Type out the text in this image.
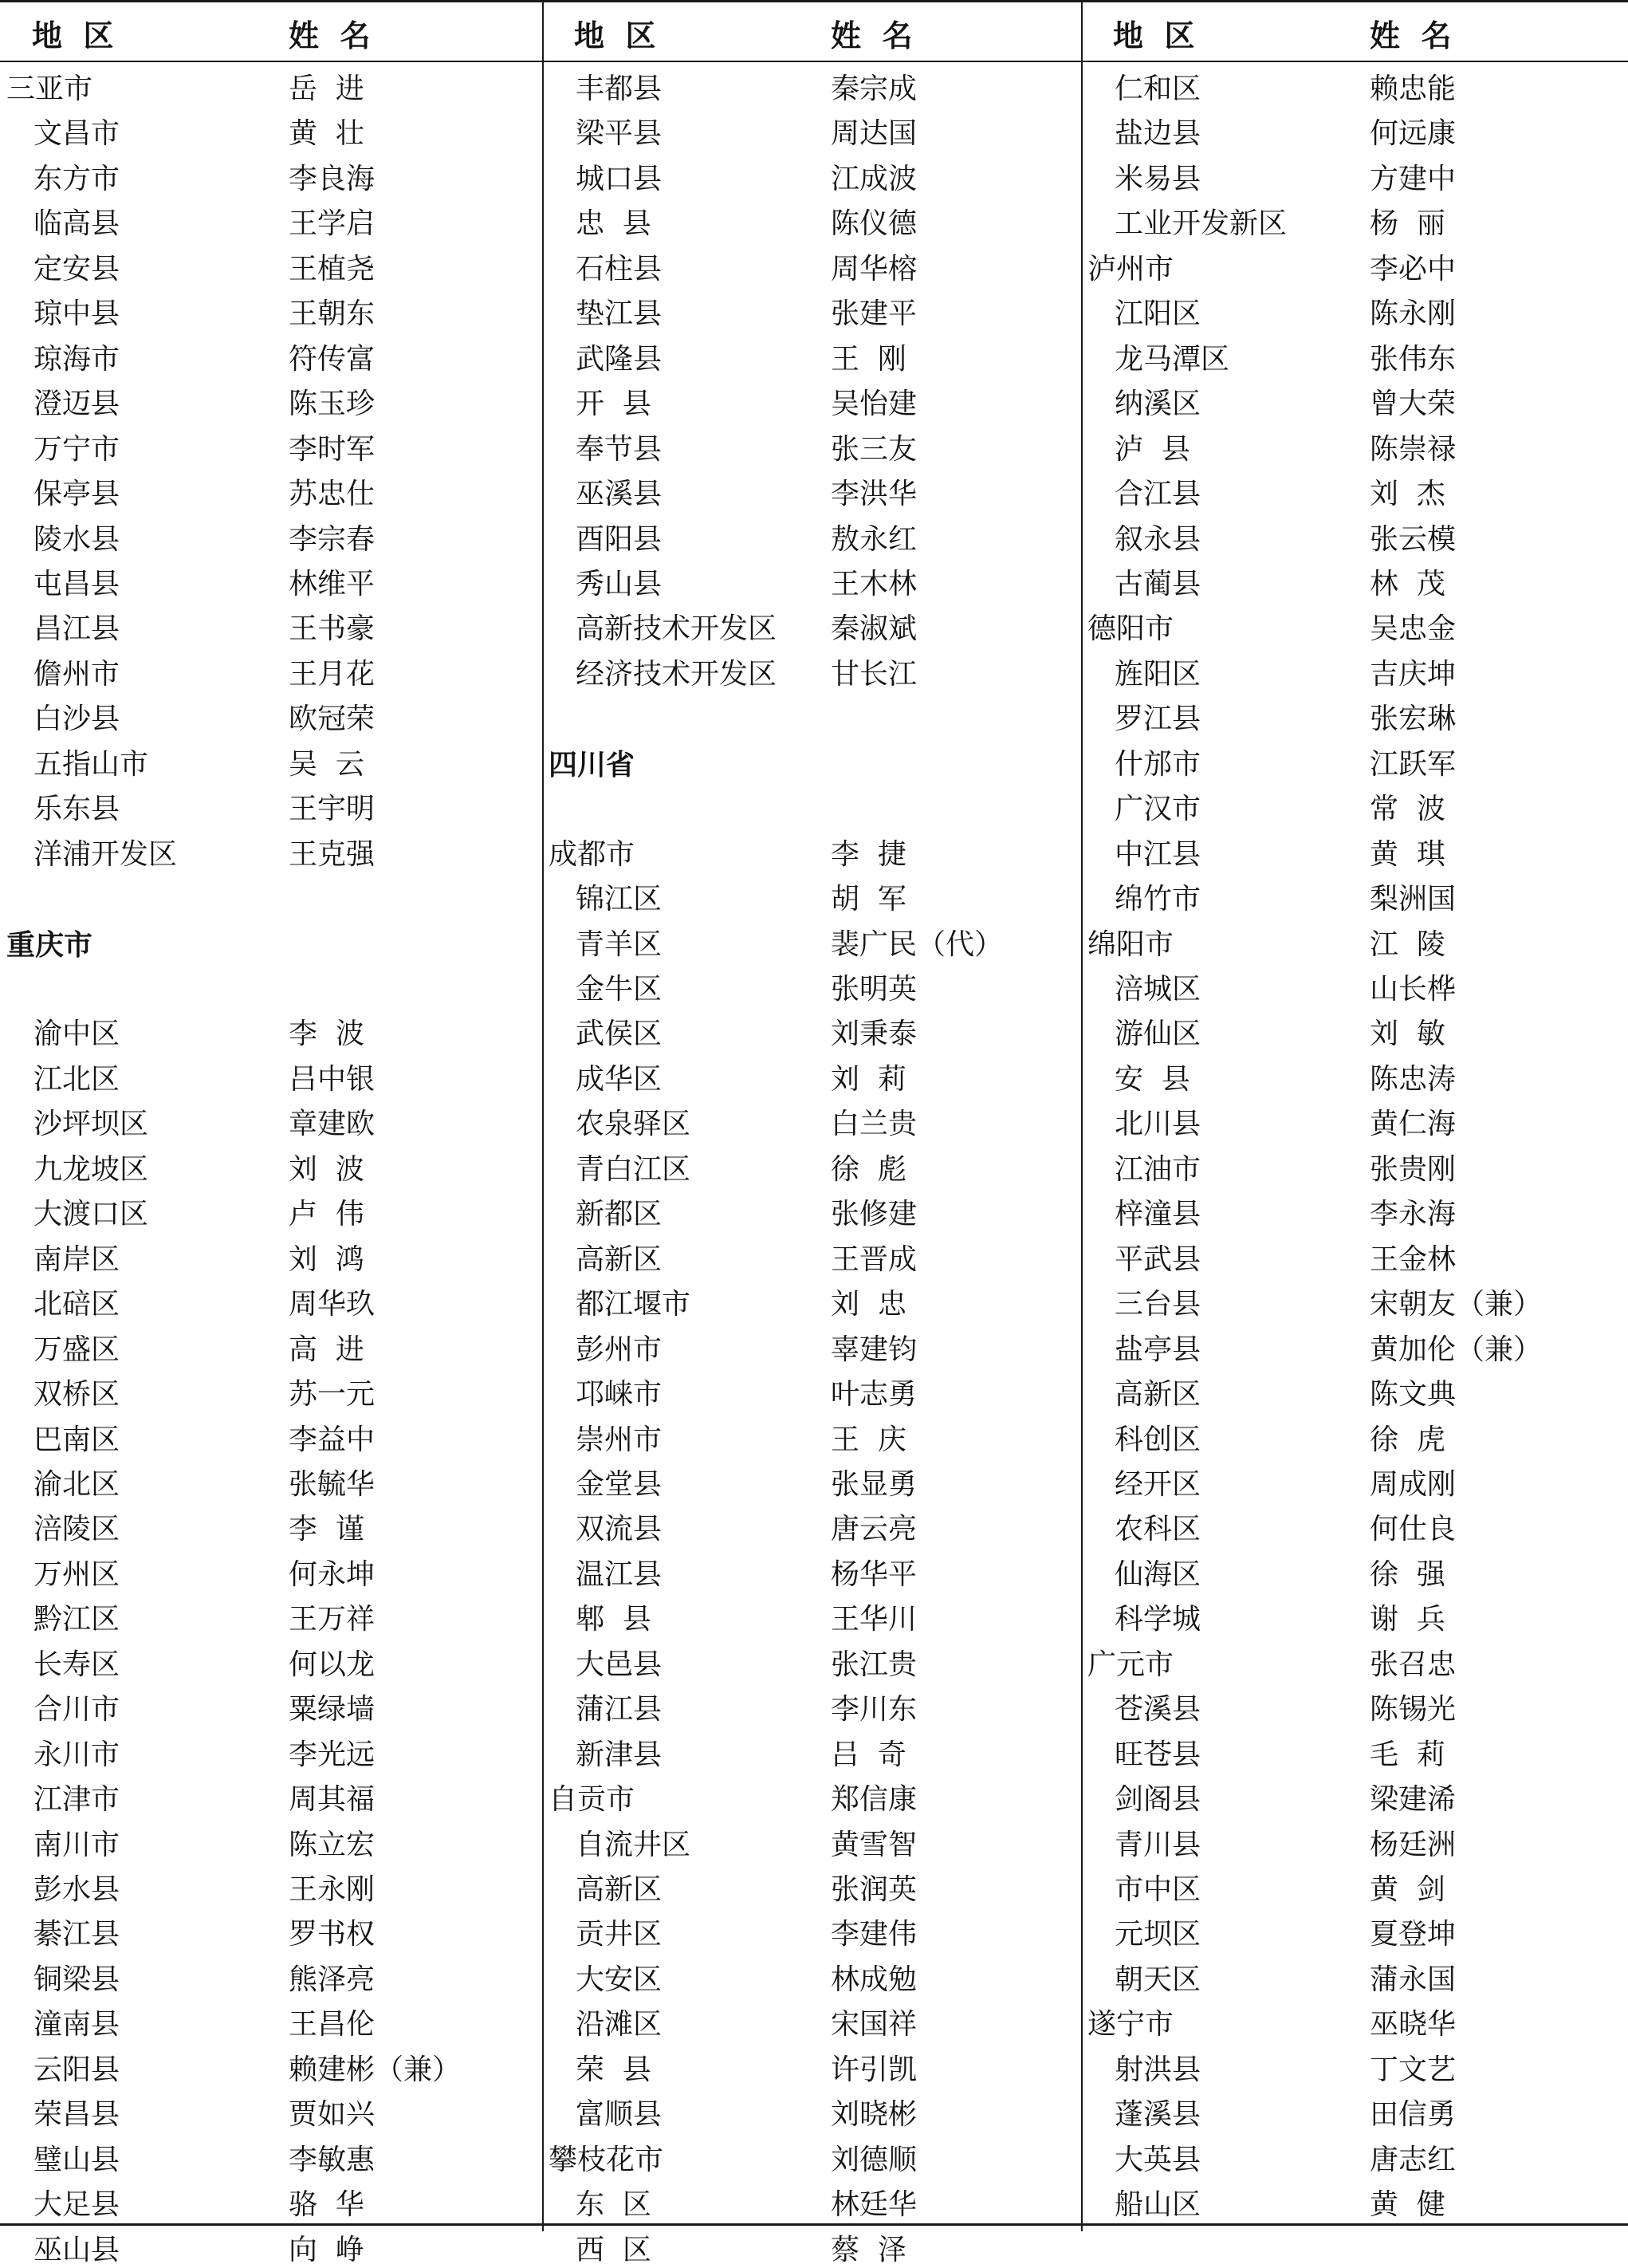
地  区	姓  名
三亚市	岳  进
文昌市	黄  壮
东方市	李良海
临高县	王学启
定安县	王植尧
琼中县	王朝东
琼海市	符传富
澄迈县	陈玉珍
万宁市	李时军
保亭县	苏忠仕
陵水县	李宗春
屯昌县	林维平
昌江县	王书豪
儋州市	王月花
白沙县	欧冠荣
五指山市	吴  云
乐东县	王宇明
洋浦开发区	王克强
重庆市
渝中区	李  波
江北区	吕中银
沙坪坝区	章建欧
九龙坡区	刘  波
大渡口区	卢  伟
南岸区	刘  鸿
北碚区	周华玖
万盛区	高  进
双桥区	苏一元
巴南区	李益中
渝北区	张毓华
涪陵区	李  谨
万州区	何永坤
黔江区	王万祥
长寿区	何以龙
合川市	粟绿墙
永川市	李光远
江津市	周其福
南川市	陈立宏
彭水县	王永刚
綦江县	罗书权
铜梁县	熊泽亮
潼南县	王昌伦
云阳县	赖建彬（兼）
荣昌县	贾如兴
璧山县	李敏惠
大足县	骆  华
巫山县	向  峥
地  区	姓  名
丰都县	秦宗成
梁平县	周达国
城口县	江成波
忠  县	陈仪德
石柱县	周华榕
垫江县	张建平
武隆县	王  刚
开  县	吴怡建
奉节县	张三友
巫溪县	李洪华
酉阳县	敖永红
秀山县	王木林
高新技术开发区 秦淑斌
经济技术开发区 甘长江
四川省
成都市	李  捷
锦江区	胡  军
青羊区	裴广民（代）
金牛区	张明英
武侯区	刘秉泰
成华区	刘  莉
农泉驿区	白兰贵
青白江区	徐  彪
新都区	张修建
高新区	王晋成
都江堰市	刘  忠
彭州市	辜建钧
邛崃市	叶志勇
崇州市	王  庆
金堂县	张显勇
双流县	唐云亮
温江县	杨华平
郫  县	王华川
大邑县	张江贵
蒲江县	李川东
新津县	吕  奇
自贡市	郑信康
自流井区	黄雪智
高新区	张润英
贡井区	李建伟
大安区	林成勉
沿滩区	宋国祥
荣  县	许引凯
富顺县	刘晓彬
攀枝花市	刘德顺
东  区	林廷华
西  区	蔡  泽
地  区	姓  名
仁和区	赖忠能
盐边县	何远康
米易县	方建中
工业开发新区	杨  丽
泸州市	李必中
江阳区	陈永刚
龙马潭区	张伟东
纳溪区	曾大荣
泸  县	陈崇禄
合江县	刘  杰
叙永县	张云模
古蔺县	林  茂
德阳市	吴忠金
旌阳区	吉庆坤
罗江县	张宏琳
什邡市	江跃军
广汉市	常  波
中江县	黄  琪
绵竹市	梨洲国
绵阳市	江  陵
涪城区	山长桦
游仙区	刘  敏
安  县	陈忠涛
北川县	黄仁海
江油市	张贵刚
梓潼县	李永海
平武县	王金林
三台县	宋朝友（兼）
盐亭县	黄加伦（兼）
高新区	陈文典
科创区	徐  虎
经开区	周成刚
农科区	何仕良
仙海区	徐  强
科学城	谢  兵
广元市	张召忠
苍溪县	陈锡光
旺苍县	毛  莉
剑阁县	梁建浠
青川县	杨廷洲
市中区	黄  剑
元坝区	夏登坤
朝天区	蒲永国
遂宁市	巫晓华
射洪县	丁文艺
蓬溪县	田信勇
大英县	唐志红
船山区	黄  健
